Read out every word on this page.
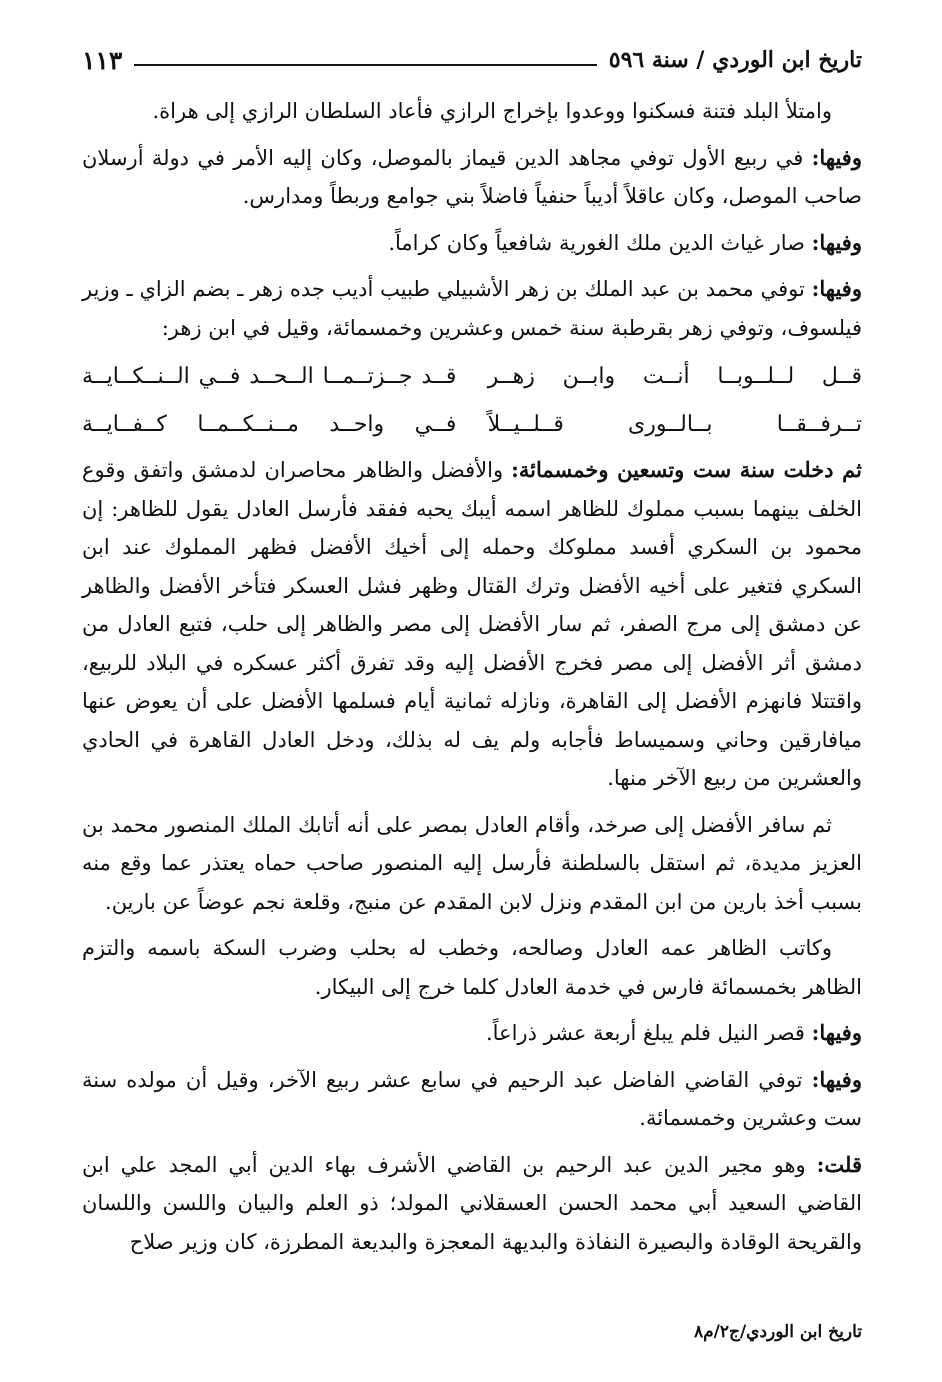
تاريخ ابن الوردي / سنة ٥٩٦
١١٣

وامتلأ البلد فتنة فسكنوا ووعدوا بإخراج الرازي فأعاد السلطان الرازي إلى هراة.

وفيها: في ربيع الأول توفي مجاهد الدين قيماز بالموصل، وكان إليه الأمر في دولة أرسلان صاحب الموصل، وكان عاقلاً أديباً حنفياً فاضلاً بني جوامع وربطاً ومدارس.

وفيها: صار غياث الدين ملك الغورية شافعياً وكان كراماً.

وفيها: توفي محمد بن عبد الملك بن زهر الأشبيلي طبيب أديب جده زهر ـ بضم الزاي ـ وزير فيلسوف، وتوفي زهر بقرطبة سنة خمس وعشرين وخمسمائة، وقيل في ابن زهر:

قــل لــلــوبــا أنــت وابــن زهــر
قــد جــزتــمــا الــحــد فــي الــنــكــايــة
تــرفــقــا بــالــورى قــلــيــلاً
فــي واحــد مــنــكــمــا كــفــايــة

ثم دخلت سنة ست وتسعين وخمسمائة: والأفضل والظاهر محاصران لدمشق واتفق وقوع الخلف بينهما بسبب مملوك للظاهر اسمه أيبك يحبه ففقد فأرسل العادل يقول للظاهر: إن محمود بن السكري أفسد مملوكك وحمله إلى أخيك الأفضل فظهر المملوك عند ابن السكري فتغير على أخيه الأفضل وترك القتال وظهر فشل العسكر فتأخر الأفضل والظاهر عن دمشق إلى مرج الصفر، ثم سار الأفضل إلى مصر والظاهر إلى حلب، فتبع العادل من دمشق أثر الأفضل إلى مصر فخرج الأفضل إليه وقد تفرق أكثر عسكره في البلاد للربيع، واقتتلا فانهزم الأفضل إلى القاهرة، ونازله ثمانية أيام فسلمها الأفضل على أن يعوض عنها ميافارقين وحاني وسميساط فأجابه ولم يف له بذلك، ودخل العادل القاهرة في الحادي والعشرين من ربيع الآخر منها.

ثم سافر الأفضل إلى صرخد، وأقام العادل بمصر على أنه أتابك الملك المنصور محمد بن العزيز مديدة، ثم استقل بالسلطنة فأرسل إليه المنصور صاحب حماه يعتذر عما وقع منه بسبب أخذ بارين من ابن المقدم ونزل لابن المقدم عن منبج، وقلعة نجم عوضاً عن بارين.

وكاتب الظاهر عمه العادل وصالحه، وخطب له بحلب وضرب السكة باسمه والتزم الظاهر بخمسمائة فارس في خدمة العادل كلما خرج إلى البيكار.

وفيها: قصر النيل فلم يبلغ أربعة عشر ذراعاً.

وفيها: توفي القاضي الفاضل عبد الرحيم في سابع عشر ربيع الآخر، وقيل أن مولده سنة ست وعشرين وخمسمائة.

قلت: وهو مجير الدين عبد الرحيم بن القاضي الأشرف بهاء الدين أبي المجد علي ابن القاضي السعيد أبي محمد الحسن العسقلاني المولد؛ ذو العلم والبيان واللسن واللسان والقريحة الوقادة والبصيرة النفاذة والبديهة المعجزة والبديعة المطرزة، كان وزير صلاح

تاريخ ابن الوردي/ج٢/م٨
